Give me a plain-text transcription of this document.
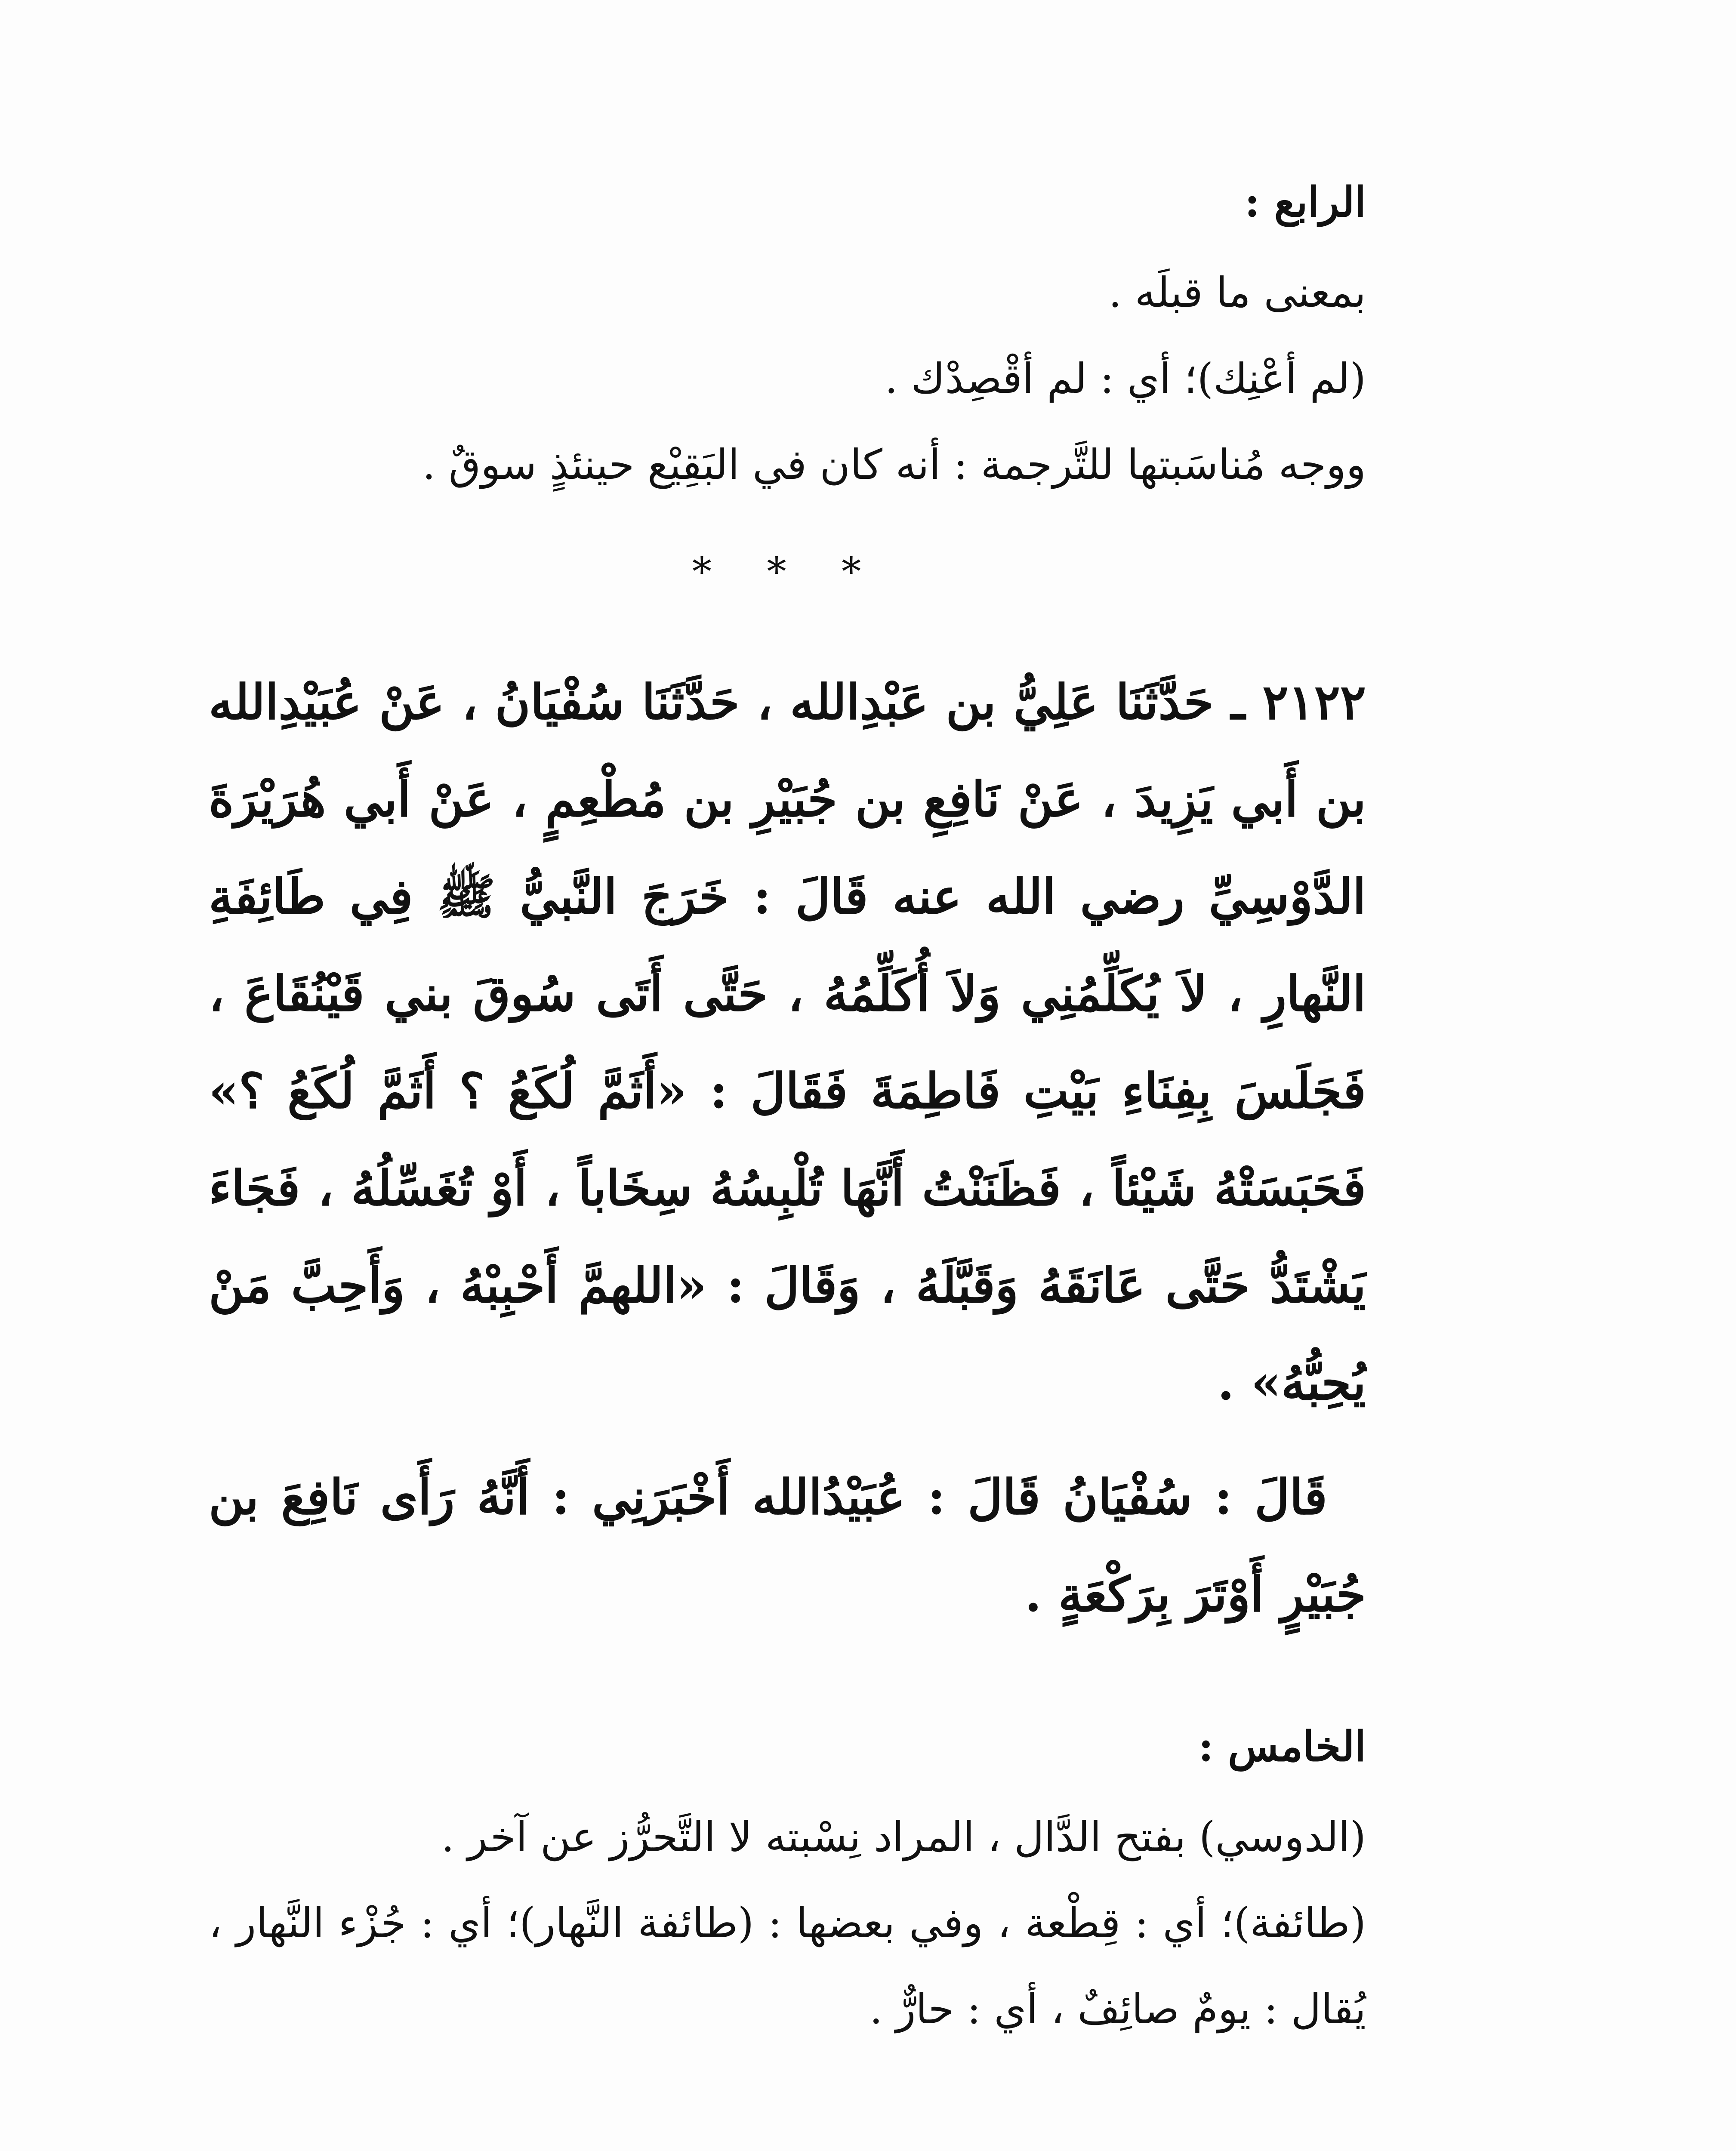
الرابع :

بمعنى ما قبلَه .

(لم أعْنِك)؛ أي : لم أقْصِدْك .

ووجه مُناسَبتها للتَّرجمة : أنه كان في البَقِيْع حينئذٍ سوقٌ .

* * *

٢١٢٢ ـ حَدَّثَنَا عَلِيُّ بن عَبْدِالله ، حَدَّثَنَا سُفْيَانُ ، عَنْ عُبَيْدِالله بن أَبي يَزِيدَ ، عَنْ نَافِعِ بن جُبَيْرِ بن مُطْعِمٍ ، عَنْ أَبي هُرَيْرَةَ الدَّوْسِيِّ رضي الله عنه قَالَ : خَرَجَ النَّبيُّ ﷺ فِي طَائِفَةِ النَّهارِ ، لاَ يُكَلِّمُنِي وَلاَ أُكَلِّمُهُ ، حَتَّى أَتَى سُوقَ بني قَيْنُقَاعَ ، فَجَلَسَ بِفِنَاءِ بَيْتِ فَاطِمَةَ فَقَالَ : «أَثَمَّ لُكَعُ ؟ أَثَمَّ لُكَعُ ؟» فَحَبَسَتْهُ شَيْئاً ، فَظَنَنْتُ أَنَّهَا تُلْبِسُهُ سِخَاباً ، أَوْ تُغَسِّلُهُ ، فَجَاءَ يَشْتَدُّ حَتَّى عَانَقَهُ وَقَبَّلَهُ ، وَقَالَ : «اللهمَّ أَحْبِبْهُ ، وَأَحِبَّ مَنْ يُحِبُّهُ» .

قَالَ : سُفْيَانُ قَالَ : عُبَيْدُالله أَخْبَرَنِي : أَنَّهُ رَأَى نَافِعَ بن جُبَيْرٍ أَوْتَرَ بِرَكْعَةٍ .

الخامس :

(الدوسي) بفتح الدَّال ، المراد نِسْبته لا التَّحرُّز عن آخر .

(طائفة)؛ أي : قِطْعة ، وفي بعضها : (طائفة النَّهار)؛ أي : جُزْء النَّهار ، يُقال : يومٌ صائِفٌ ، أي : حارٌّ .
